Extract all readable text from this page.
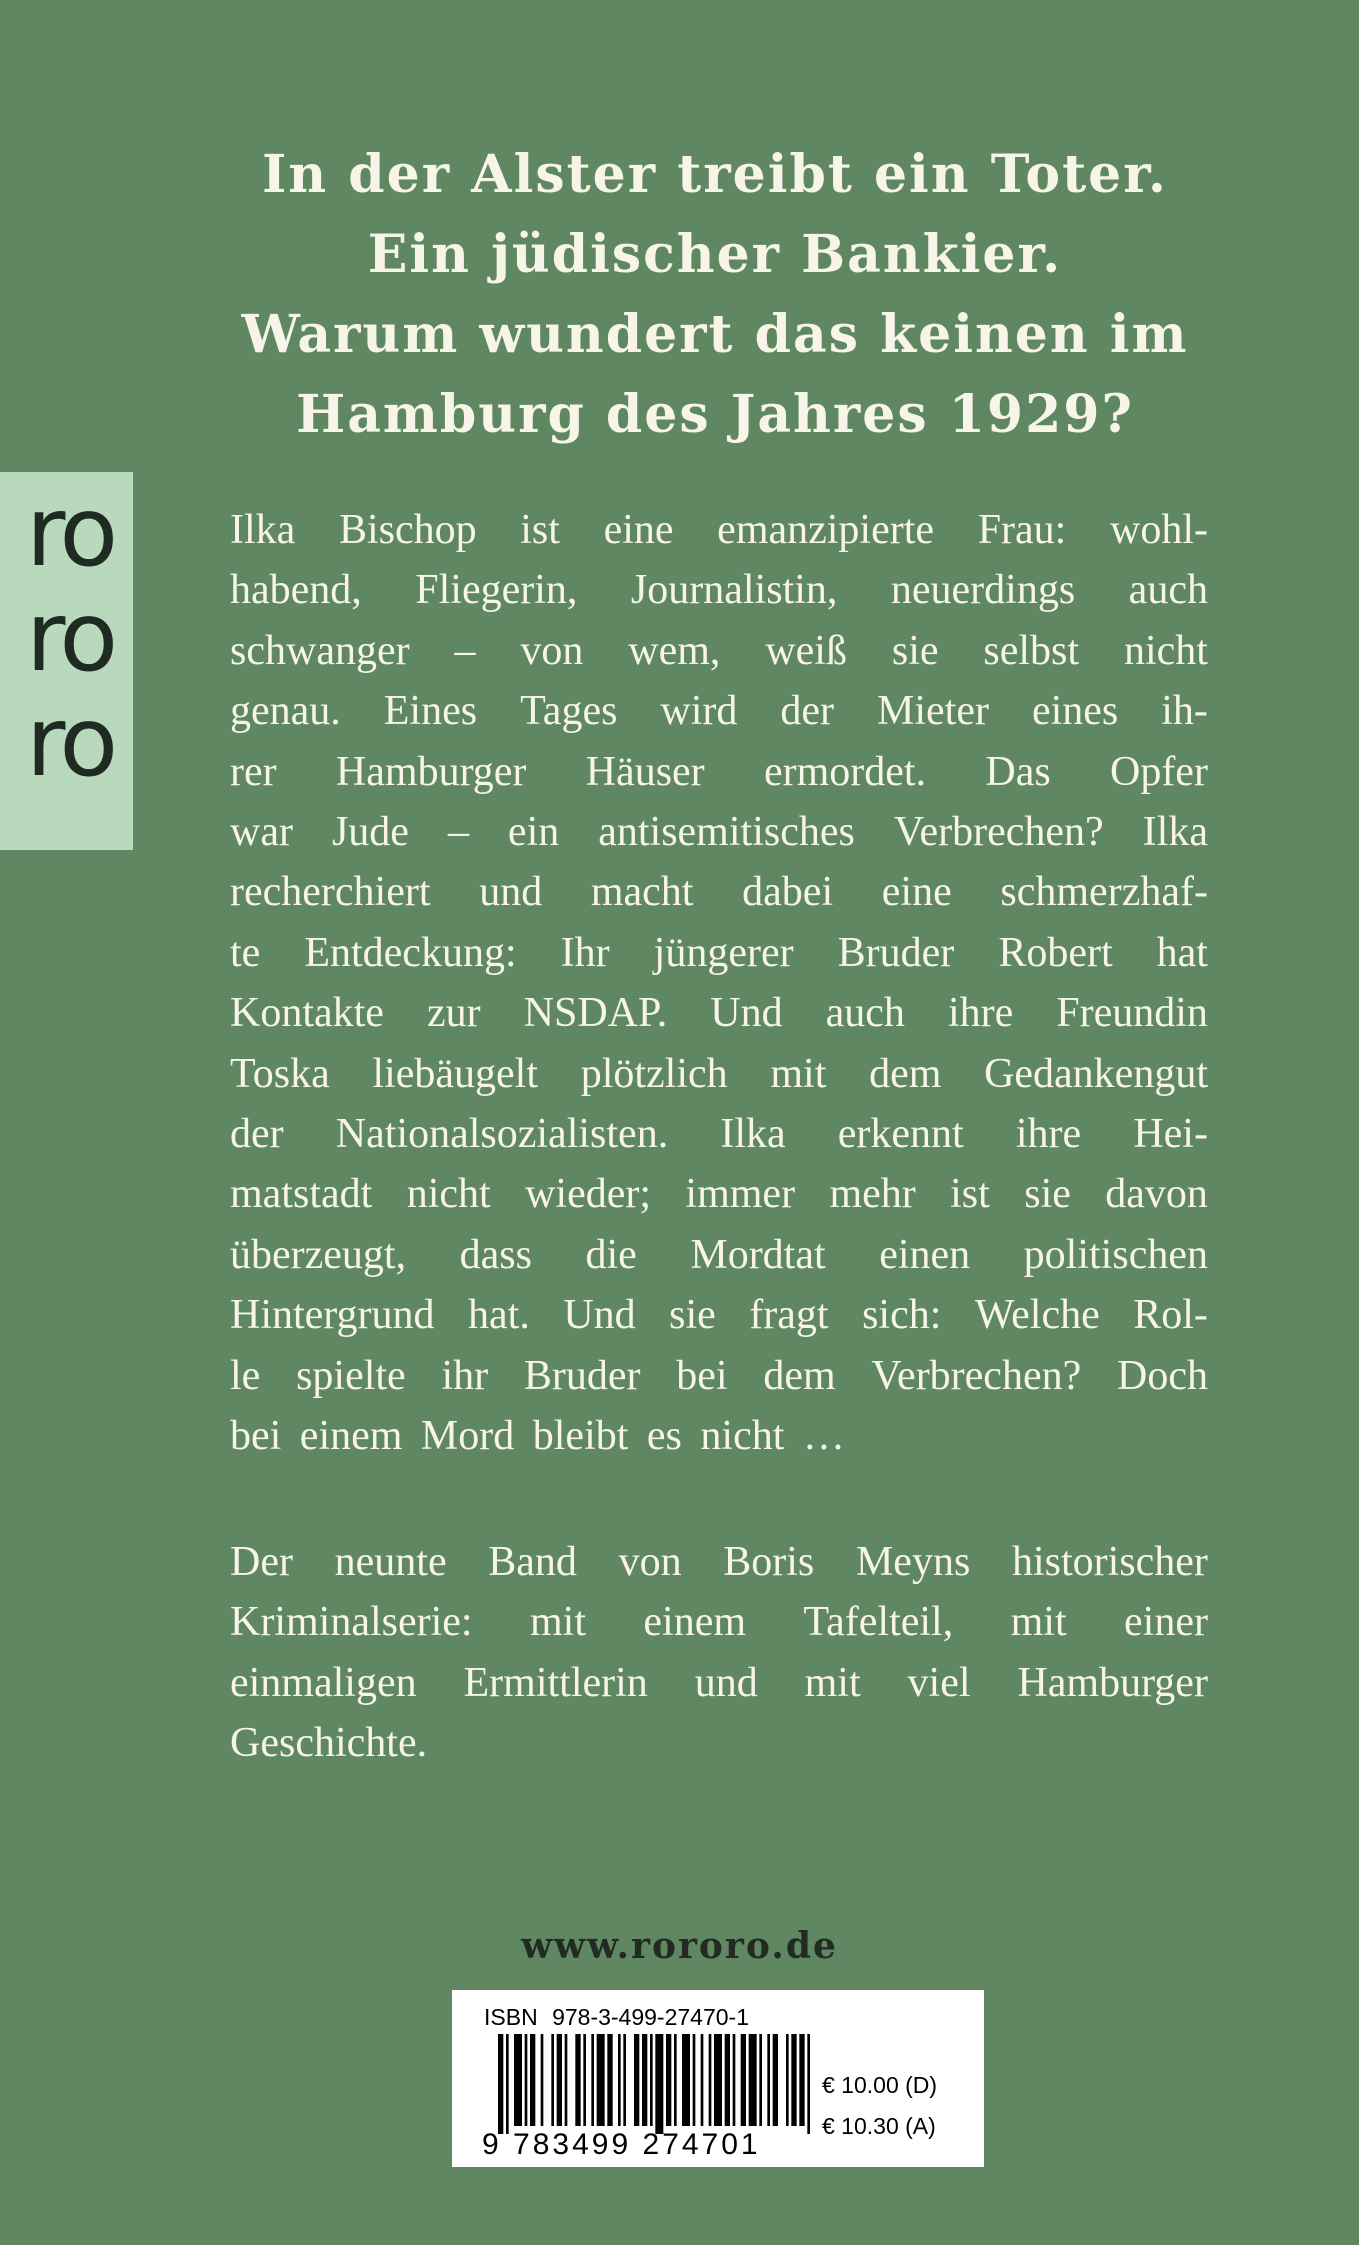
In der Alster treibt ein Toter.
Ein jüdischer Bankier.
Warum wundert das keinen im
Hamburg des Jahres 1929?
ro
ro
ro
Ilka Bischop ist eine emanzipierte Frau: wohl-
habend, Fliegerin, Journalistin, neuerdings auch
schwanger – von wem, weiß sie selbst nicht
genau. Eines Tages wird der Mieter eines ih-
rer Hamburger Häuser ermordet. Das Opfer
war Jude – ein antisemitisches Verbrechen? Ilka
recherchiert und macht dabei eine schmerzhaf-
te Entdeckung: Ihr jüngerer Bruder Robert hat
Kontakte zur NSDAP. Und auch ihre Freundin
Toska liebäugelt plötzlich mit dem Gedankengut
der Nationalsozialisten. Ilka erkennt ihre Hei-
matstadt nicht wieder; immer mehr ist sie davon
überzeugt, dass die Mordtat einen politischen
Hintergrund hat. Und sie fragt sich: Welche Rol-
le spielte ihr Bruder bei dem Verbrechen? Doch
bei einem Mord bleibt es nicht …
Der neunte Band von Boris Meyns historischer
Kriminalserie: mit einem Tafelteil, mit einer
einmaligen Ermittlerin und mit viel Hamburger
Geschichte.
www.rororo.de
ISBN 978-3-499-27470-1
9 783499 274701
€ 10.00 (D)
€ 10.30 (A)
